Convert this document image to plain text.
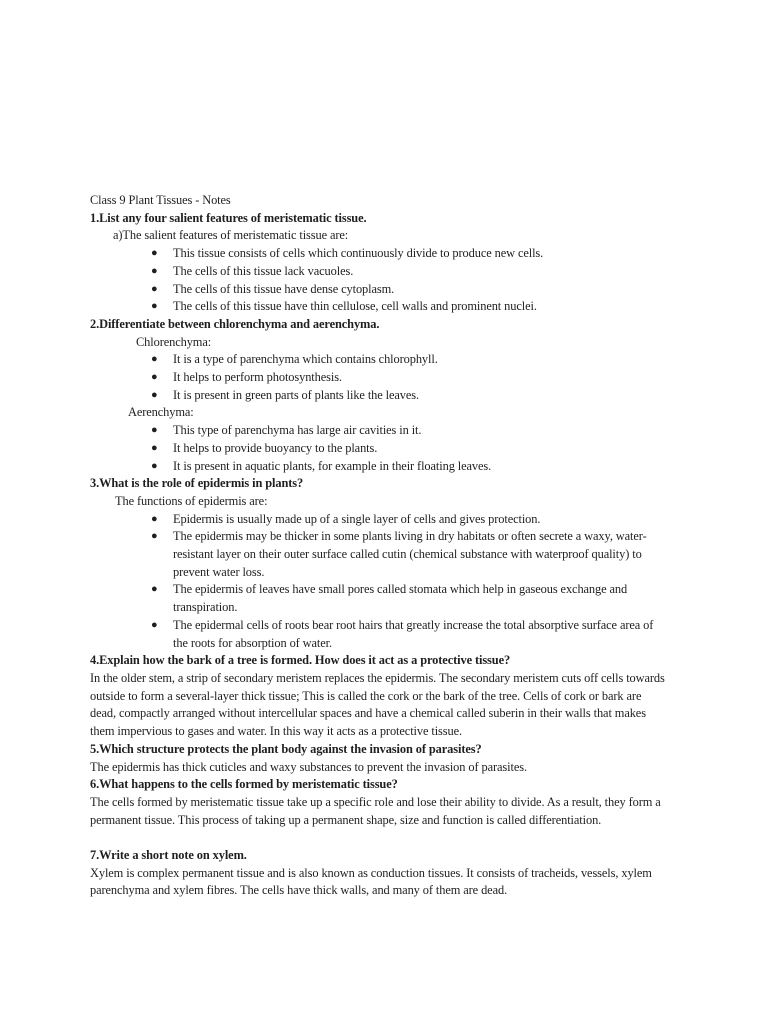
Class 9 Plant Tissues - Notes
1.List any four salient features of meristematic tissue.
a)The salient features of meristematic tissue are:
● This tissue consists of cells which continuously divide to produce new cells.
● The cells of this tissue lack vacuoles.
● The cells of this tissue have dense cytoplasm.
● The cells of this tissue have thin cellulose, cell walls and prominent nuclei.
2.Differentiate between chlorenchyma and aerenchyma.
Chlorenchyma:
● It is a type of parenchyma which contains chlorophyll.
● It helps to perform photosynthesis.
● It is present in green parts of plants like the leaves.
Aerenchyma:
● This type of parenchyma has large air cavities in it.
● It helps to provide buoyancy to the plants.
● It is present in aquatic plants, for example in their floating leaves.
3.What is the role of epidermis in plants?
The functions of epidermis are:
● Epidermis is usually made up of a single layer of cells and gives protection.
● The epidermis may be thicker in some plants living in dry habitats or often secrete a waxy, water- resistant layer on their outer surface called cutin (chemical substance with waterproof quality) to prevent water loss.
● The epidermis of leaves have small pores called stomata which help in gaseous exchange and transpiration.
● The epidermal cells of roots bear root hairs that greatly increase the total absorptive surface area of the roots for absorption of water.
4.Explain how the bark of a tree is formed. How does it act as a protective tissue?

In the older stem, a strip of secondary meristem replaces the epidermis. The secondary meristem cuts off cells towards outside to form a several-layer thick tissue; This is called the cork or the bark of the tree. Cells of cork or bark are dead, compactly arranged without intercellular spaces and have a chemical called suberin in their walls that makes them impervious to gases and water. In this way it acts as a protective tissue.

5.Which structure protects the plant body against the invasion of parasites?

The epidermis has thick cuticles and waxy substances to prevent the invasion of parasites.

6.What happens to the cells formed by meristematic tissue?

The cells formed by meristematic tissue take up a specific role and lose their ability to divide. As a result, they form a permanent tissue. This process of taking up a permanent shape, size and function is called differentiation.

7.Write a short note on xylem.

Xylem is complex permanent tissue and is also known as conduction tissues. It consists of tracheids, vessels, xylem parenchyma and xylem fibres. The cells have thick walls, and many of them are dead.
